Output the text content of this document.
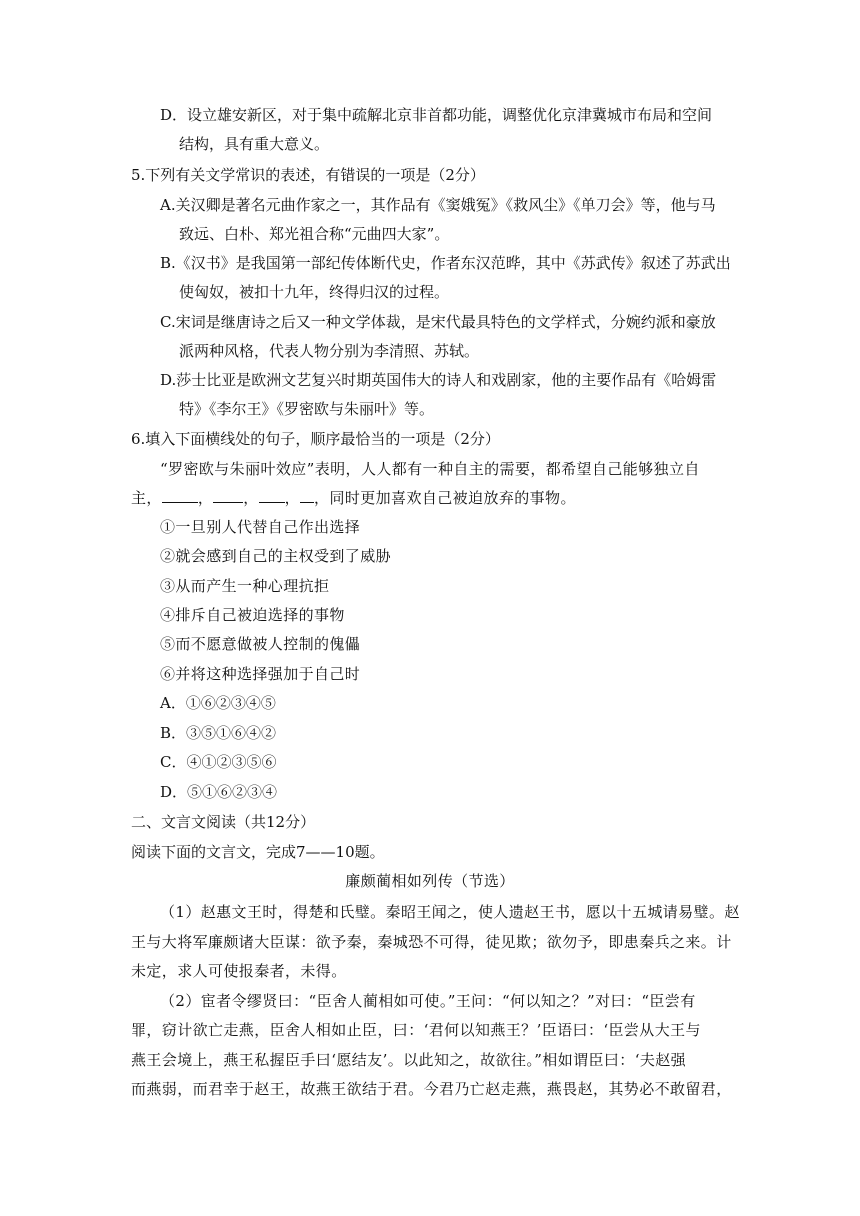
D．设立雄安新区，对于集中疏解北京非首都功能，调整优化京津冀城市布局和空间
结构，具有重大意义。
5.下列有关文学常识的表述，有错误的一项是（2分）
A.关汉卿是著名元曲作家之一，其作品有《窦娥冤》《救风尘》《单刀会》等，他与马
致远、白朴、郑光祖合称“元曲四大家”。
B.《汉书》是我国第一部纪传体断代史，作者东汉范晔，其中《苏武传》叙述了苏武出
使匈奴，被扣十九年，终得归汉的过程。
C.宋词是继唐诗之后又一种文学体裁，是宋代最具特色的文学样式，分婉约派和豪放
派两种风格，代表人物分别为李清照、苏轼。
D.莎士比亚是欧洲文艺复兴时期英国伟大的诗人和戏剧家，他的主要作品有《哈姆雷
特》《李尔王》《罗密欧与朱丽叶》等。
6.填入下面横线处的句子，顺序最恰当的一项是（2分）
“罗密欧与朱丽叶效应”表明，人人都有一种自主的需要，都希望自己能够独立自
主， ， ， ， ，同时更加喜欢自己被迫放弃的事物。
①一旦别人代替自己作出选择
②就会感到自己的主权受到了威胁
③从而产生一种心理抗拒
④排斥自己被迫选择的事物
⑤而不愿意做被人控制的傀儡
⑥并将这种选择强加于自己时
A．①⑥②③④⑤
B．③⑤①⑥④②
C．④①②③⑤⑥
D．⑤①⑥②③④
二、文言文阅读（共12分）
阅读下面的文言文，完成7——10题。
廉颇蔺相如列传（节选）
（1）赵惠文王时，得楚和氏璧。秦昭王闻之，使人遗赵王书，愿以十五城请易璧。赵
王与大将军廉颇诸大臣谋：欲予秦，秦城恐不可得，徒见欺；欲勿予，即患秦兵之来。计
未定，求人可使报秦者，未得。
（2）宦者令缪贤曰：“臣舍人蔺相如可使。”王问：“何以知之？”对曰：“臣尝有
罪，窃计欲亡走燕，臣舍人相如止臣，曰：‘君何以知燕王？’臣语曰：‘臣尝从大王与
燕王会境上，燕王私握臣手曰‘愿结友’。以此知之，故欲往。”相如谓臣曰：‘夫赵强
而燕弱，而君幸于赵王，故燕王欲结于君。今君乃亡赵走燕，燕畏赵，其势必不敢留君，
